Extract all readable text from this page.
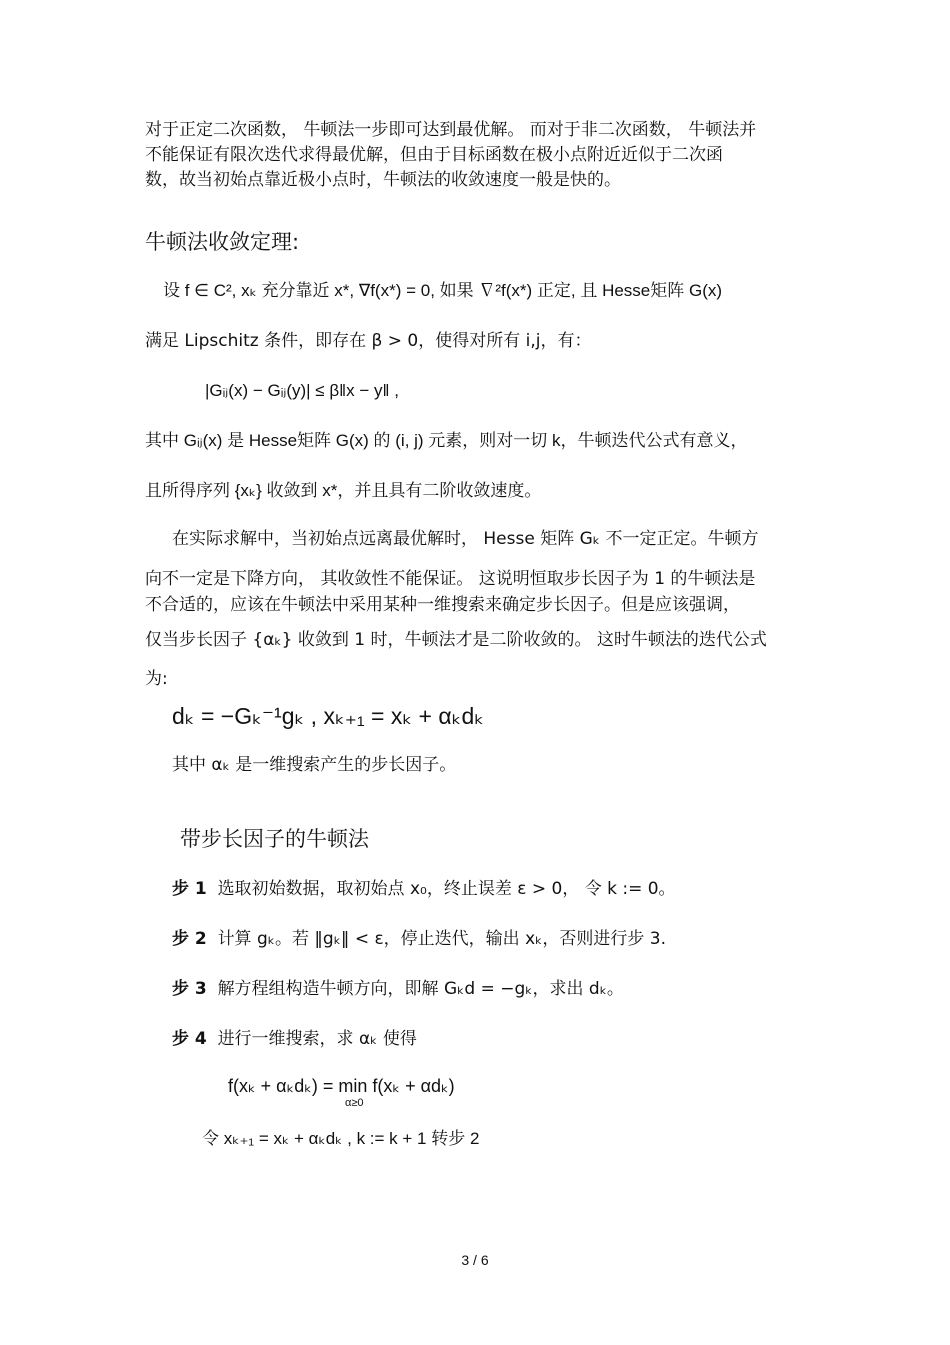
对于正定二次函数， 牛顿法一步即可达到最优解。 而对于非二次函数， 牛顿法并
不能保证有限次迭代求得最优解，但由于目标函数在极小点附近近似于二次函
数，故当初始点靠近极小点时，牛顿法的收敛速度一般是快的。
牛顿法收敛定理:
设 f ∈ C², xₖ 充分靠近 x*, ∇f(x*) = 0, 如果 ∇²f(x*) 正定, 且 Hesse矩阵 G(x)
满足 Lipschitz 条件，即存在 β > 0，使得对所有 i,j，有：
|Gᵢⱼ(x) − Gᵢⱼ(y)| ≤ β‖x − y‖ ,
其中 Gᵢⱼ(x) 是 Hesse矩阵 G(x) 的 (i, j) 元素，则对一切 k，牛顿迭代公式有意义，
且所得序列 {xₖ} 收敛到 x*，并且具有二阶收敛速度。
在实际求解中，当初始点远离最优解时， Hesse 矩阵 Gₖ 不一定正定。牛顿方
向不一定是下降方向， 其收敛性不能保证。 这说明恒取步长因子为 1 的牛顿法是
不合适的，应该在牛顿法中采用某种一维搜索来确定步长因子。但是应该强调，
仅当步长因子 {αₖ} 收敛到 1 时，牛顿法才是二阶收敛的。 这时牛顿法的迭代公式
为:
dₖ = −Gₖ⁻¹gₖ , xₖ₊₁ = xₖ + αₖdₖ
其中 αₖ 是一维搜索产生的步长因子。
带步长因子的牛顿法
步 1 选取初始数据，取初始点 x₀，终止误差 ε > 0， 令 k := 0。
步 2 计算 gₖ。若 ‖gₖ‖ < ε，停止迭代，输出 xₖ，否则进行步 3.
步 3 解方程组构造牛顿方向，即解 Gₖd = −gₖ，求出 dₖ。
步 4 进行一维搜索，求 αₖ 使得
f(xₖ + αₖdₖ) = min f(xₖ + αdₖ)
α≥0
令 xₖ₊₁ = xₖ + αₖdₖ , k := k + 1 转步 2
3 / 6
